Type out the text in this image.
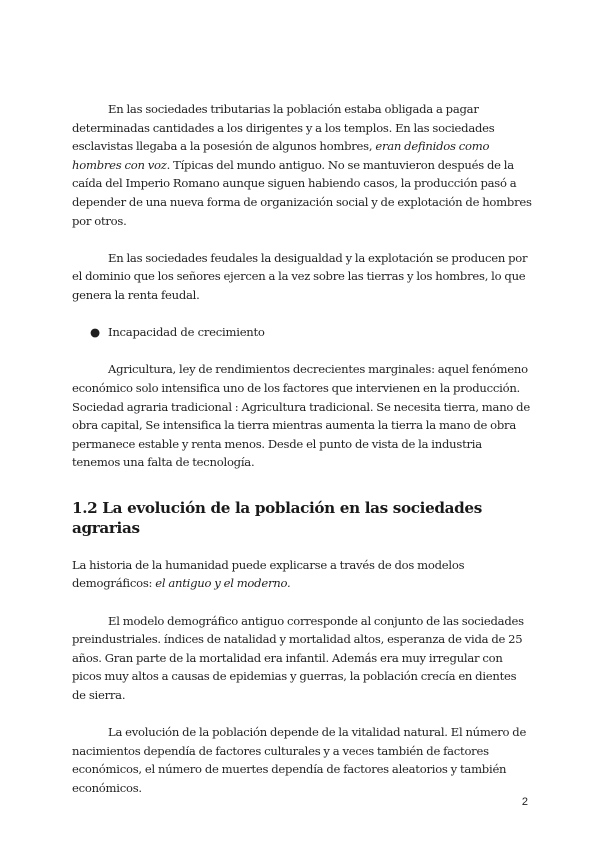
En las sociedades tributarias la población estaba obligada a pagar determinadas cantidades a los dirigentes y a los templos. En las sociedades esclavistas llegaba a la posesión de algunos hombres, eran definidos como hombres con voz. Típicas del mundo antiguo. No se mantuvieron después de la caída del Imperio Romano aunque siguen habiendo casos, la producción pasó a depender de una nueva forma de organización social y de explotación de hombres por otros.

En las sociedades feudales la desigualdad y la explotación se producen por el dominio que los señores ejercen a la vez sobre las tierras y los hombres, lo que genera la renta feudal.

● Incapacidad de crecimiento

Agricultura, ley de rendimientos decrecientes marginales: aquel fenómeno económico solo intensifica uno de los factores que intervienen en la producción. Sociedad agraria tradicional : Agricultura tradicional. Se necesita tierra, mano de obra capital, Se intensifica la tierra mientras aumenta la tierra la mano de obra permanece estable y renta menos. Desde el punto de vista de la industria tenemos una falta de tecnología.

1.2 La evolución de la población en las sociedades agrarias

La historia de la humanidad puede explicarse a través de dos modelos demográficos: el antiguo y el moderno.

El modelo demográfico antiguo corresponde al conjunto de las sociedades preindustriales. índices de natalidad y mortalidad altos, esperanza de vida de 25 años. Gran parte de la mortalidad era infantil. Además era muy irregular con picos muy altos a causas de epidemias y guerras, la población crecía en dientes de sierra.

La evolución de la población depende de la vitalidad natural. El número de nacimientos dependía de factores culturales y a veces también de factores económicos, el número de muertes dependía de factores aleatorios y también económicos.

2
